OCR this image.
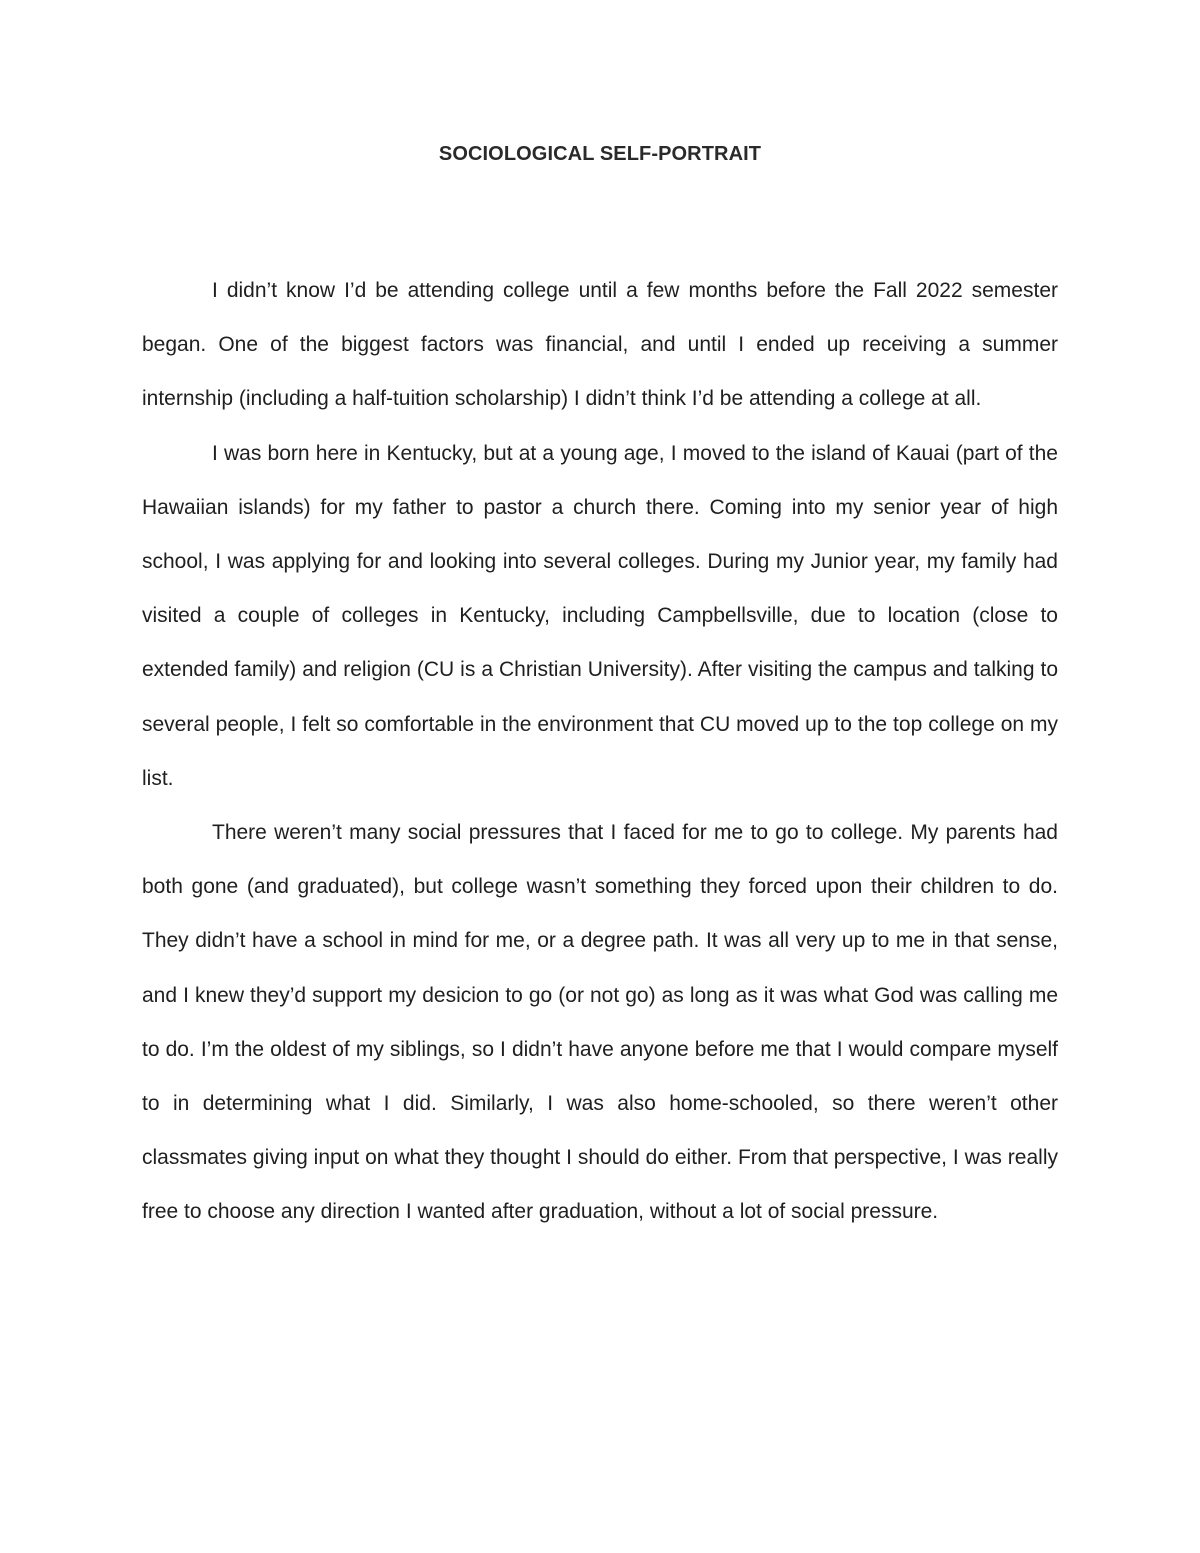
SOCIOLOGICAL SELF-PORTRAIT

I didn’t know I’d be attending college until a few months before the Fall 2022 semester began. One of the biggest factors was financial, and until I ended up receiving a summer internship (including a half-tuition scholarship) I didn’t think I’d be attending a college at all.

I was born here in Kentucky, but at a young age, I moved to the island of Kauai (part of the Hawaiian islands) for my father to pastor a church there. Coming into my senior year of high school, I was applying for and looking into several colleges. During my Junior year, my family had visited a couple of colleges in Kentucky, including Campbellsville, due to location (close to extended family) and religion (CU is a Christian University). After visiting the campus and talking to several people, I felt so comfortable in the environment that CU moved up to the top college on my list.

There weren’t many social pressures that I faced for me to go to college. My parents had both gone (and graduated), but college wasn’t something they forced upon their children to do. They didn’t have a school in mind for me, or a degree path. It was all very up to me in that sense, and I knew they’d support my desicion to go (or not go) as long as it was what God was calling me to do. I’m the oldest of my siblings, so I didn’t have anyone before me that I would compare myself to in determining what I did. Similarly, I was also home-schooled, so there weren’t other classmates giving input on what they thought I should do either. From that perspective, I was really free to choose any direction I wanted after graduation, without a lot of social pressure.
